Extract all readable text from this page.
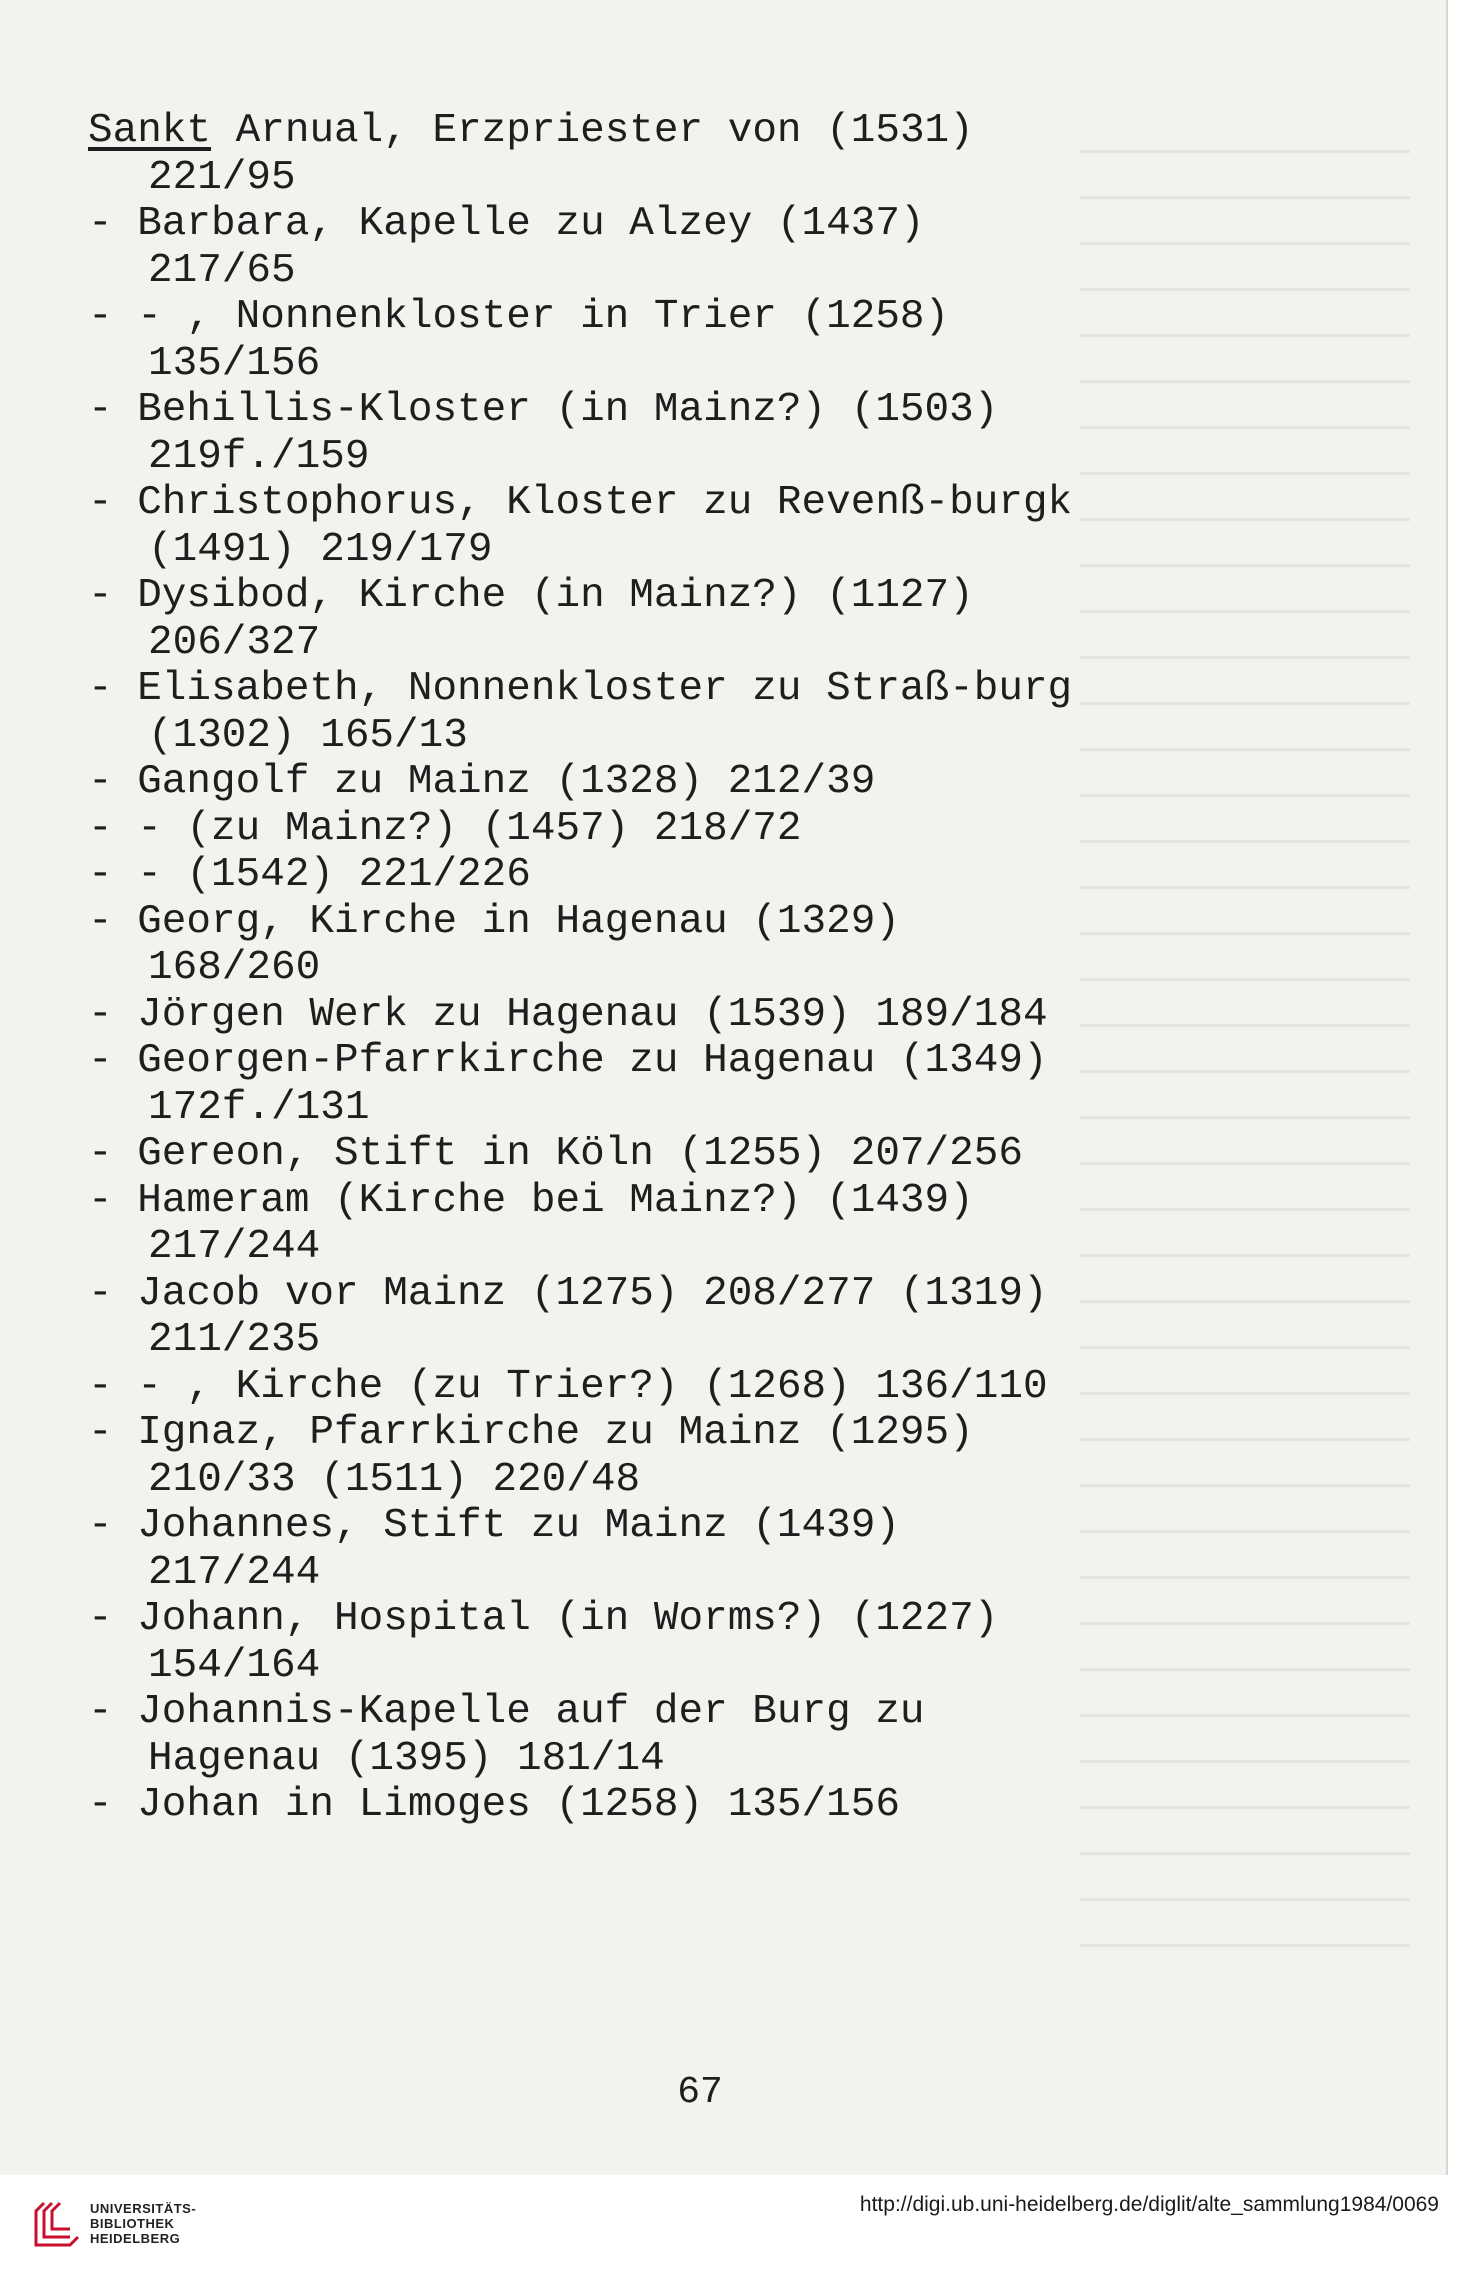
Sankt Arnual, Erzpriester von (1531) 221/95
- Barbara, Kapelle zu Alzey (1437) 217/65
- - , Nonnenkloster in Trier (1258) 135/156
- Behillis-Kloster (in Mainz?) (1503) 219f./159
- Christophorus, Kloster zu Revenß-burgk (1491) 219/179
- Dysibod, Kirche (in Mainz?) (1127) 206/327
- Elisabeth, Nonnenkloster zu Straß-burg (1302) 165/13
- Gangolf zu Mainz (1328) 212/39
- - (zu Mainz?) (1457) 218/72
- - (1542) 221/226
- Georg, Kirche in Hagenau (1329) 168/260
- Jörgen Werk zu Hagenau (1539) 189/184
- Georgen-Pfarrkirche zu Hagenau (1349) 172f./131
- Gereon, Stift in Köln (1255) 207/256
- Hameram (Kirche bei Mainz?) (1439) 217/244
- Jacob vor Mainz (1275) 208/277 (1319) 211/235
- - , Kirche (zu Trier?) (1268) 136/110
- Ignaz, Pfarrkirche zu Mainz (1295) 210/33 (1511) 220/48
- Johannes, Stift zu Mainz (1439) 217/244
- Johann, Hospital (in Worms?) (1227) 154/164
- Johannis-Kapelle auf der Burg zu Hagenau (1395) 181/14
- Johan in Limoges (1258) 135/156
67
UNIVERSITÄTS-
BIBLIOTHEK
HEIDELBERG
http://digi.ub.uni-heidelberg.de/diglit/alte_sammlung1984/0069
